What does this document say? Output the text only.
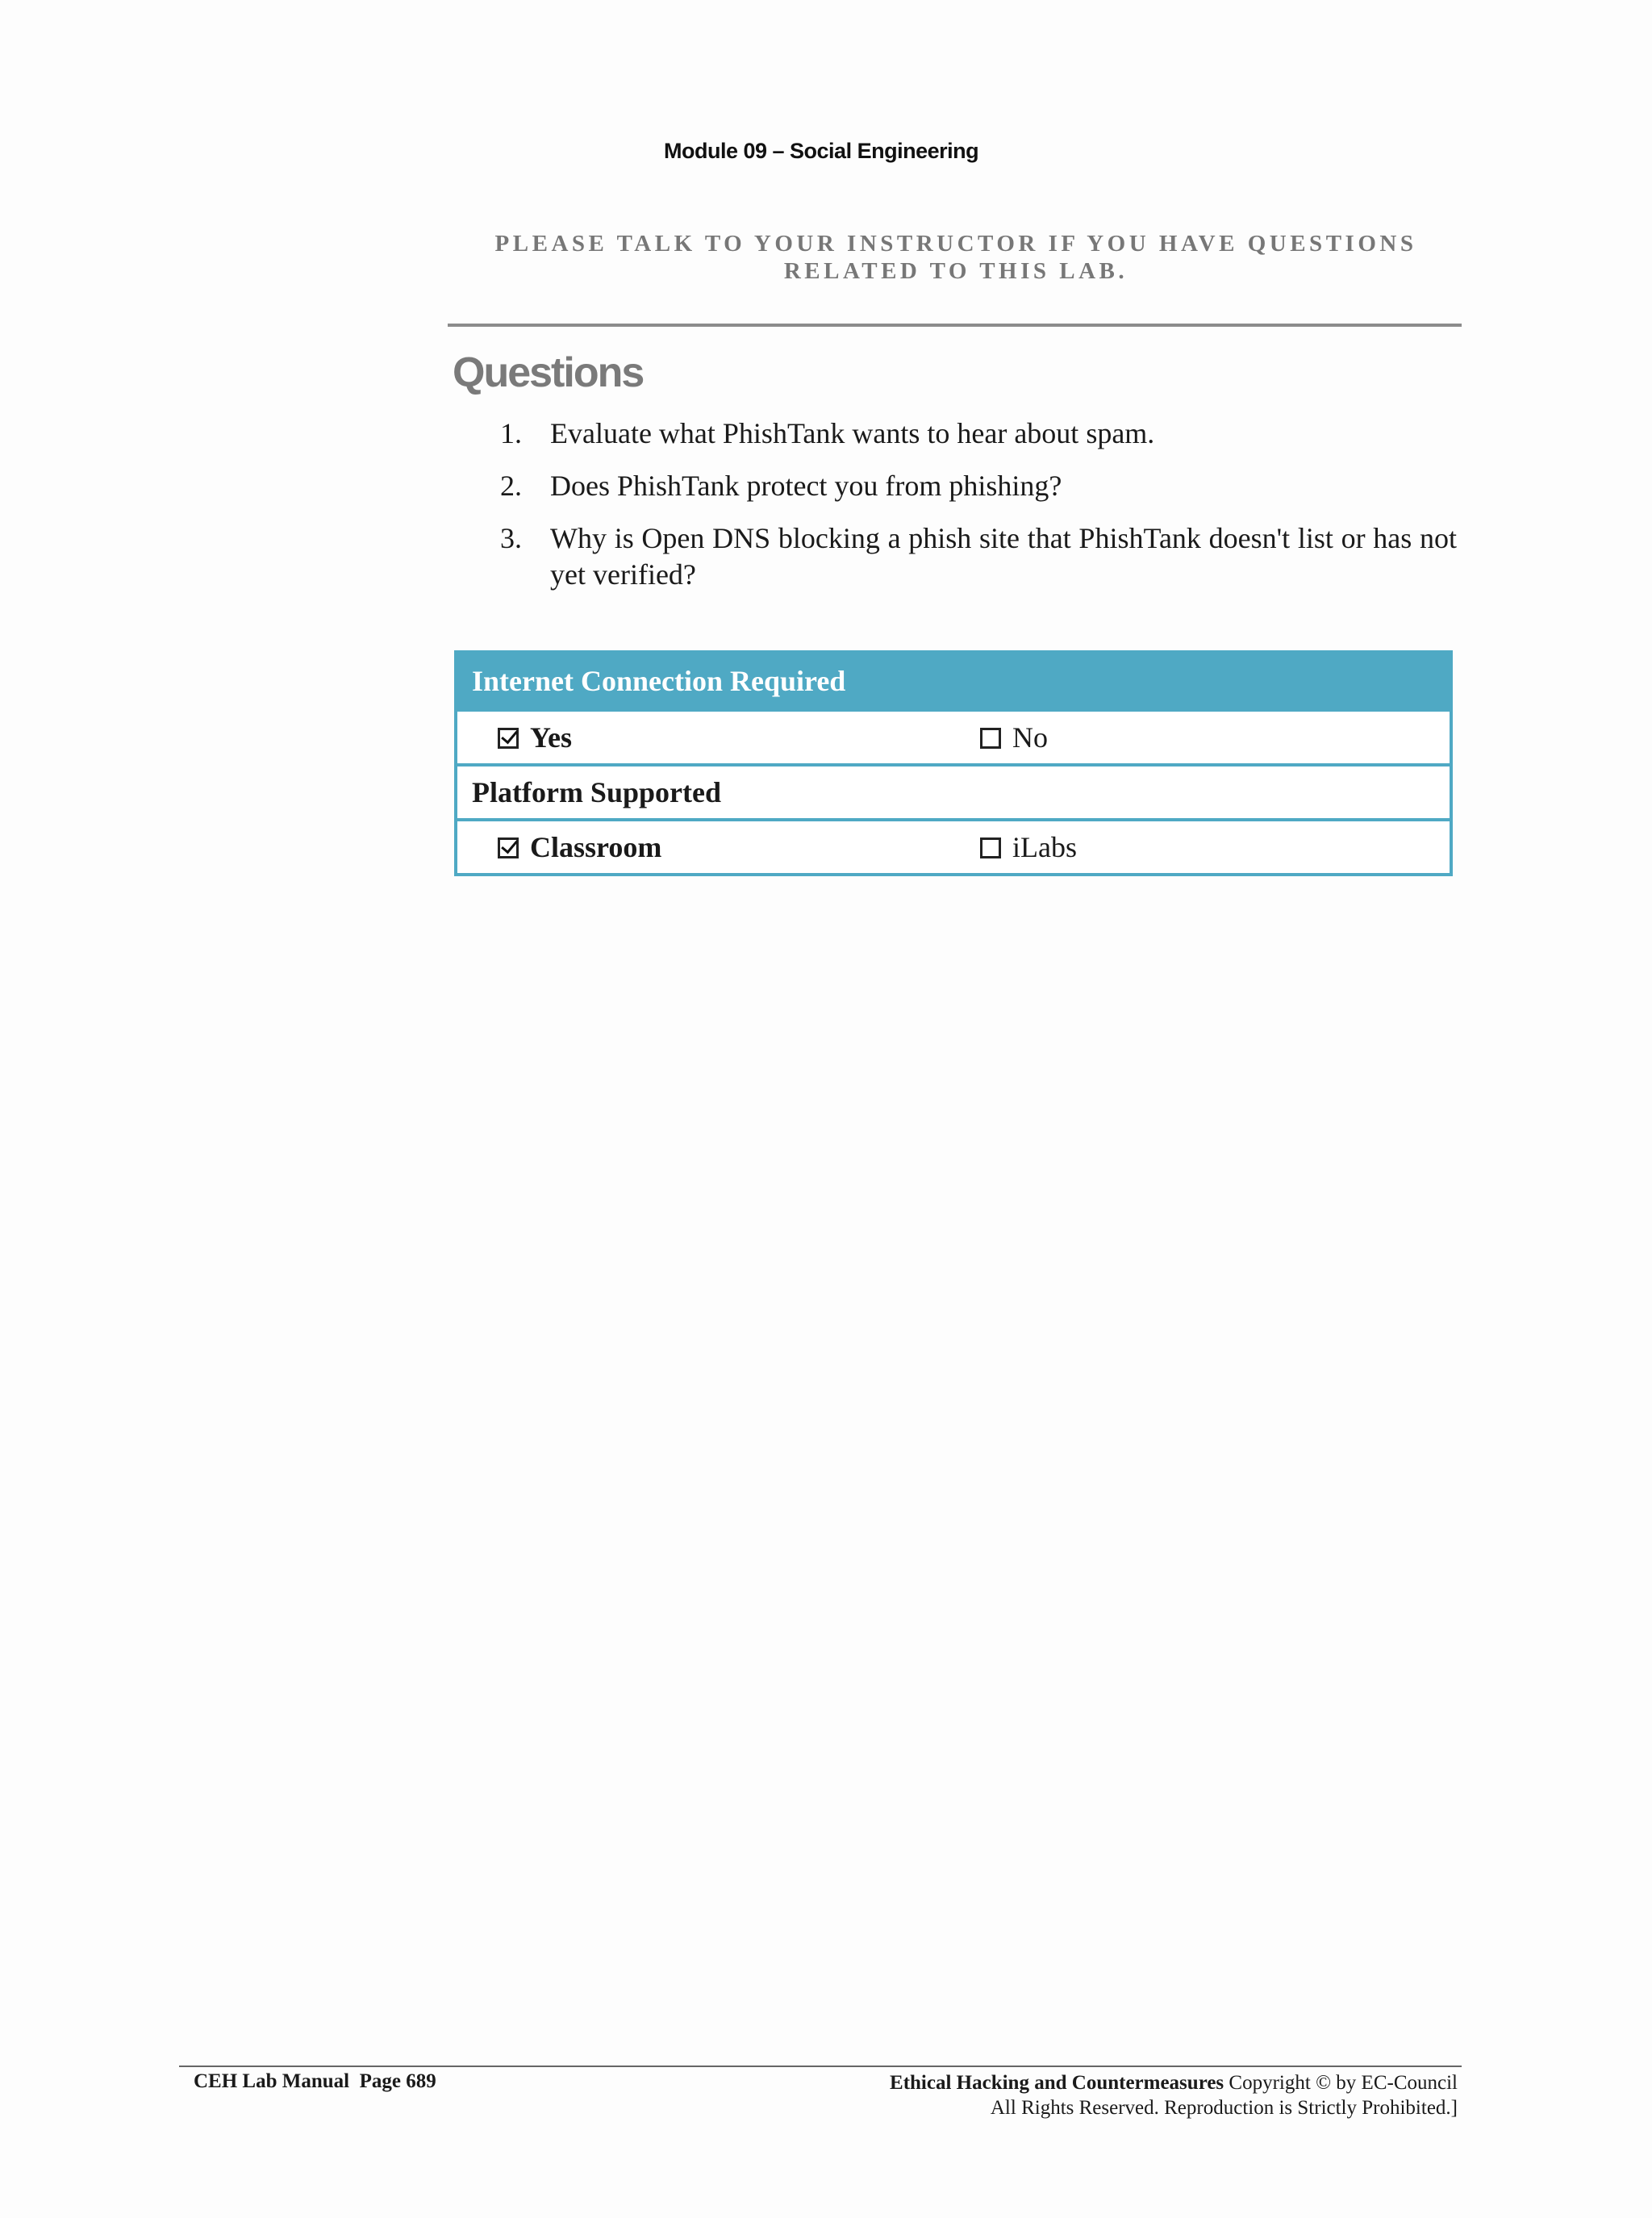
Module 09 – Social Engineering
PLEASE TALK TO YOUR INSTRUCTOR IF YOU HAVE QUESTIONS
RELATED TO THIS LAB.
Questions
1. Evaluate what PhishTank wants to hear about spam.
2. Does PhishTank protect you from phishing?
3. Why is Open DNS blocking a phish site that PhishTank doesn't list or has not yet verified?
Internet Connection Required
Yes	No
Platform Supported
Classroom	iLabs
CEH Lab Manual  Page 689	Ethical Hacking and Countermeasures Copyright © by EC-Council
All Rights Reserved. Reproduction is Strictly Prohibited.]
